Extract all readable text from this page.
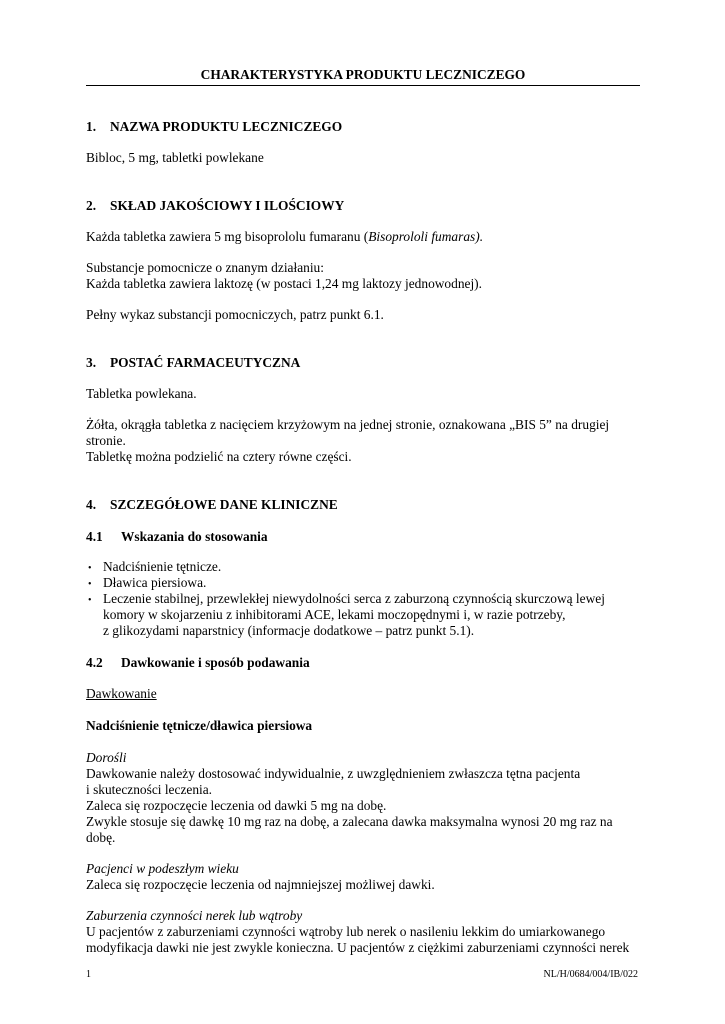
CHARAKTERYSTYKA PRODUKTU LECZNICZEGO
1. NAZWA PRODUKTU LECZNICZEGO
Bibloc, 5 mg, tabletki powlekane
2. SKŁAD JAKOŚCIOWY I ILOŚCIOWY
Każda tabletka zawiera 5 mg bisoprololu fumaranu (Bisoprololi fumaras).
Substancje pomocnicze o znanym działaniu:
Każda tabletka zawiera laktozę (w postaci 1,24 mg laktozy jednowodnej).
Pełny wykaz substancji pomocniczych, patrz punkt 6.1.
3. POSTAĆ FARMACEUTYCZNA
Tabletka powlekana.
Żółta, okrągła tabletka z nacięciem krzyżowym na jednej stronie, oznakowana „BIS 5” na drugiej
stronie.
Tabletkę można podzielić na cztery równe części.
4. SZCZEGÓŁOWE DANE KLINICZNE
4.1 Wskazania do stosowania
• Nadciśnienie tętnicze.
• Dławica piersiowa.
• Leczenie stabilnej, przewlekłej niewydolności serca z zaburzoną czynnością skurczową lewej
komory w skojarzeniu z inhibitorami ACE, lekami moczopędnymi i, w razie potrzeby,
z glikozydami naparstnicy (informacje dodatkowe – patrz punkt 5.1).
4.2 Dawkowanie i sposób podawania
Dawkowanie
Nadciśnienie tętnicze/dławica piersiowa
Dorośli
Dawkowanie należy dostosować indywidualnie, z uwzględnieniem zwłaszcza tętna pacjenta
i skuteczności leczenia.
Zaleca się rozpoczęcie leczenia od dawki 5 mg na dobę.
Zwykle stosuje się dawkę 10 mg raz na dobę, a zalecana dawka maksymalna wynosi 20 mg raz na
dobę.
Pacjenci w podeszłym wieku
Zaleca się rozpoczęcie leczenia od najmniejszej możliwej dawki.
Zaburzenia czynności nerek lub wątroby
U pacjentów z zaburzeniami czynności wątroby lub nerek o nasileniu lekkim do umiarkowanego
modyfikacja dawki nie jest zwykle konieczna. U pacjentów z ciężkimi zaburzeniami czynności nerek
1	NL/H/0684/004/IB/022
